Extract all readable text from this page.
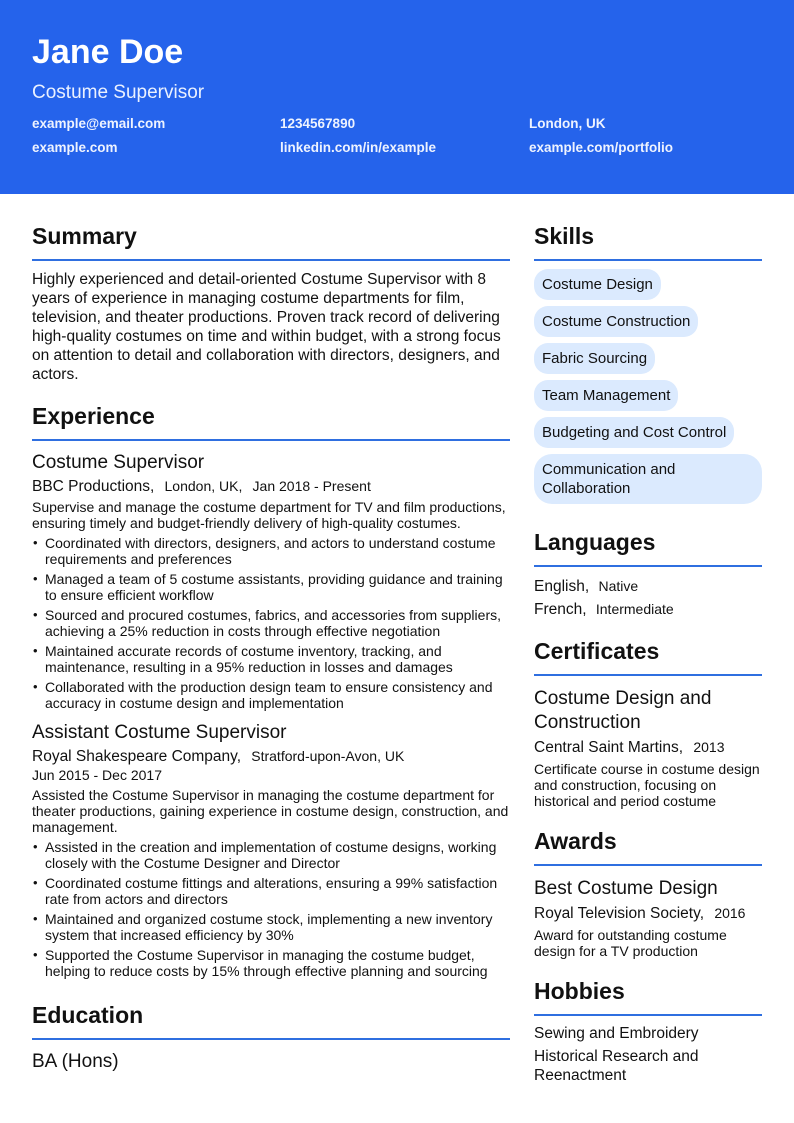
Jane Doe
Costume Supervisor
example@email.com	1234567890	London, UK
example.com	linkedin.com/in/example	example.com/portfolio
Summary

Highly experienced and detail-oriented Costume Supervisor with 8 years of experience in managing costume departments for film, television, and theater productions. Proven track record of delivering high-quality costumes on time and within budget, with a strong focus on attention to detail and collaboration with directors, designers, and actors.

Experience
Costume Supervisor
BBC Productions, London, UK, Jan 2018 - Present

Supervise and manage the costume department for TV and film productions, ensuring timely and budget-friendly delivery of high-quality costumes.

• Coordinated with directors, designers, and actors to understand costume requirements and preferences
• Managed a team of 5 costume assistants, providing guidance and training to ensure efficient workflow
• Sourced and procured costumes, fabrics, and accessories from suppliers, achieving a 25% reduction in costs through effective negotiation
• Maintained accurate records of costume inventory, tracking, and maintenance, resulting in a 95% reduction in losses and damages
• Collaborated with the production design team to ensure consistency and accuracy in costume design and implementation
Assistant Costume Supervisor
Royal Shakespeare Company, Stratford-upon-Avon, UK
Jun 2015 - Dec 2017

Assisted the Costume Supervisor in managing the costume department for theater productions, gaining experience in costume design, construction, and management.

• Assisted in the creation and implementation of costume designs, working closely with the Costume Designer and Director
• Coordinated costume fittings and alterations, ensuring a 99% satisfaction rate from actors and directors
• Maintained and organized costume stock, implementing a new inventory system that increased efficiency by 30%
• Supported the Costume Supervisor in managing the costume budget, helping to reduce costs by 15% through effective planning and sourcing
Education
BA (Hons)
Skills
Costume Design
Costume Construction
Fabric Sourcing
Team Management
Budgeting and Cost Control
Communication and Collaboration
Languages
English, Native
French, Intermediate
Certificates
Costume Design and Construction
Central Saint Martins, 2013

Certificate course in costume design and construction, focusing on historical and period costume

Awards
Best Costume Design
Royal Television Society, 2016

Award for outstanding costume design for a TV production

Hobbies
Sewing and Embroidery
Historical Research and Reenactment
